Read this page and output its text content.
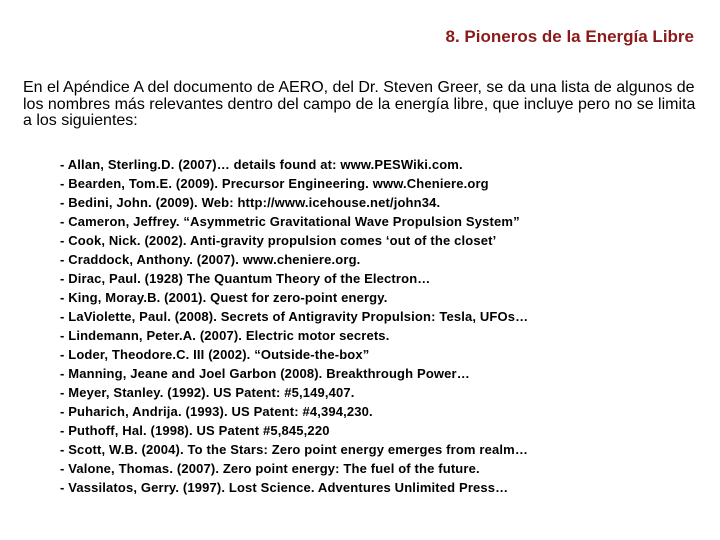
8. Pioneros de la Energía Libre
En el Apéndice A del documento de AERO, del Dr. Steven Greer, se da una lista de algunos de los nombres más relevantes dentro del campo de la energía libre, que incluye pero no se limita a los siguientes:
- Allan, Sterling.D. (2007)… details found at: www.PESWiki.com.
- Bearden, Tom.E. (2009). Precursor Engineering. www.Cheniere.org
- Bedini, John. (2009). Web: http://www.icehouse.net/john34.
- Cameron, Jeffrey. “Asymmetric Gravitational Wave Propulsion System”
- Cook, Nick. (2002). Anti-gravity propulsion comes ‘out of the closet’
- Craddock, Anthony. (2007). www.cheniere.org.
- Dirac, Paul. (1928) The Quantum Theory of the Electron…
- King, Moray.B. (2001). Quest for zero-point energy.
- LaViolette, Paul. (2008). Secrets of Antigravity Propulsion: Tesla, UFOs…
- Lindemann, Peter.A. (2007). Electric motor secrets.
- Loder, Theodore.C. III (2002). “Outside-the-box”
- Manning, Jeane and Joel Garbon (2008). Breakthrough Power…
- Meyer, Stanley. (1992). US Patent: #5,149,407.
- Puharich, Andrija. (1993). US Patent: #4,394,230.
- Puthoff, Hal. (1998). US Patent #5,845,220
- Scott, W.B. (2004). To the Stars: Zero point energy emerges from realm…
- Valone, Thomas. (2007). Zero point energy: The fuel of the future.
- Vassilatos, Gerry. (1997). Lost Science. Adventures Unlimited Press…
